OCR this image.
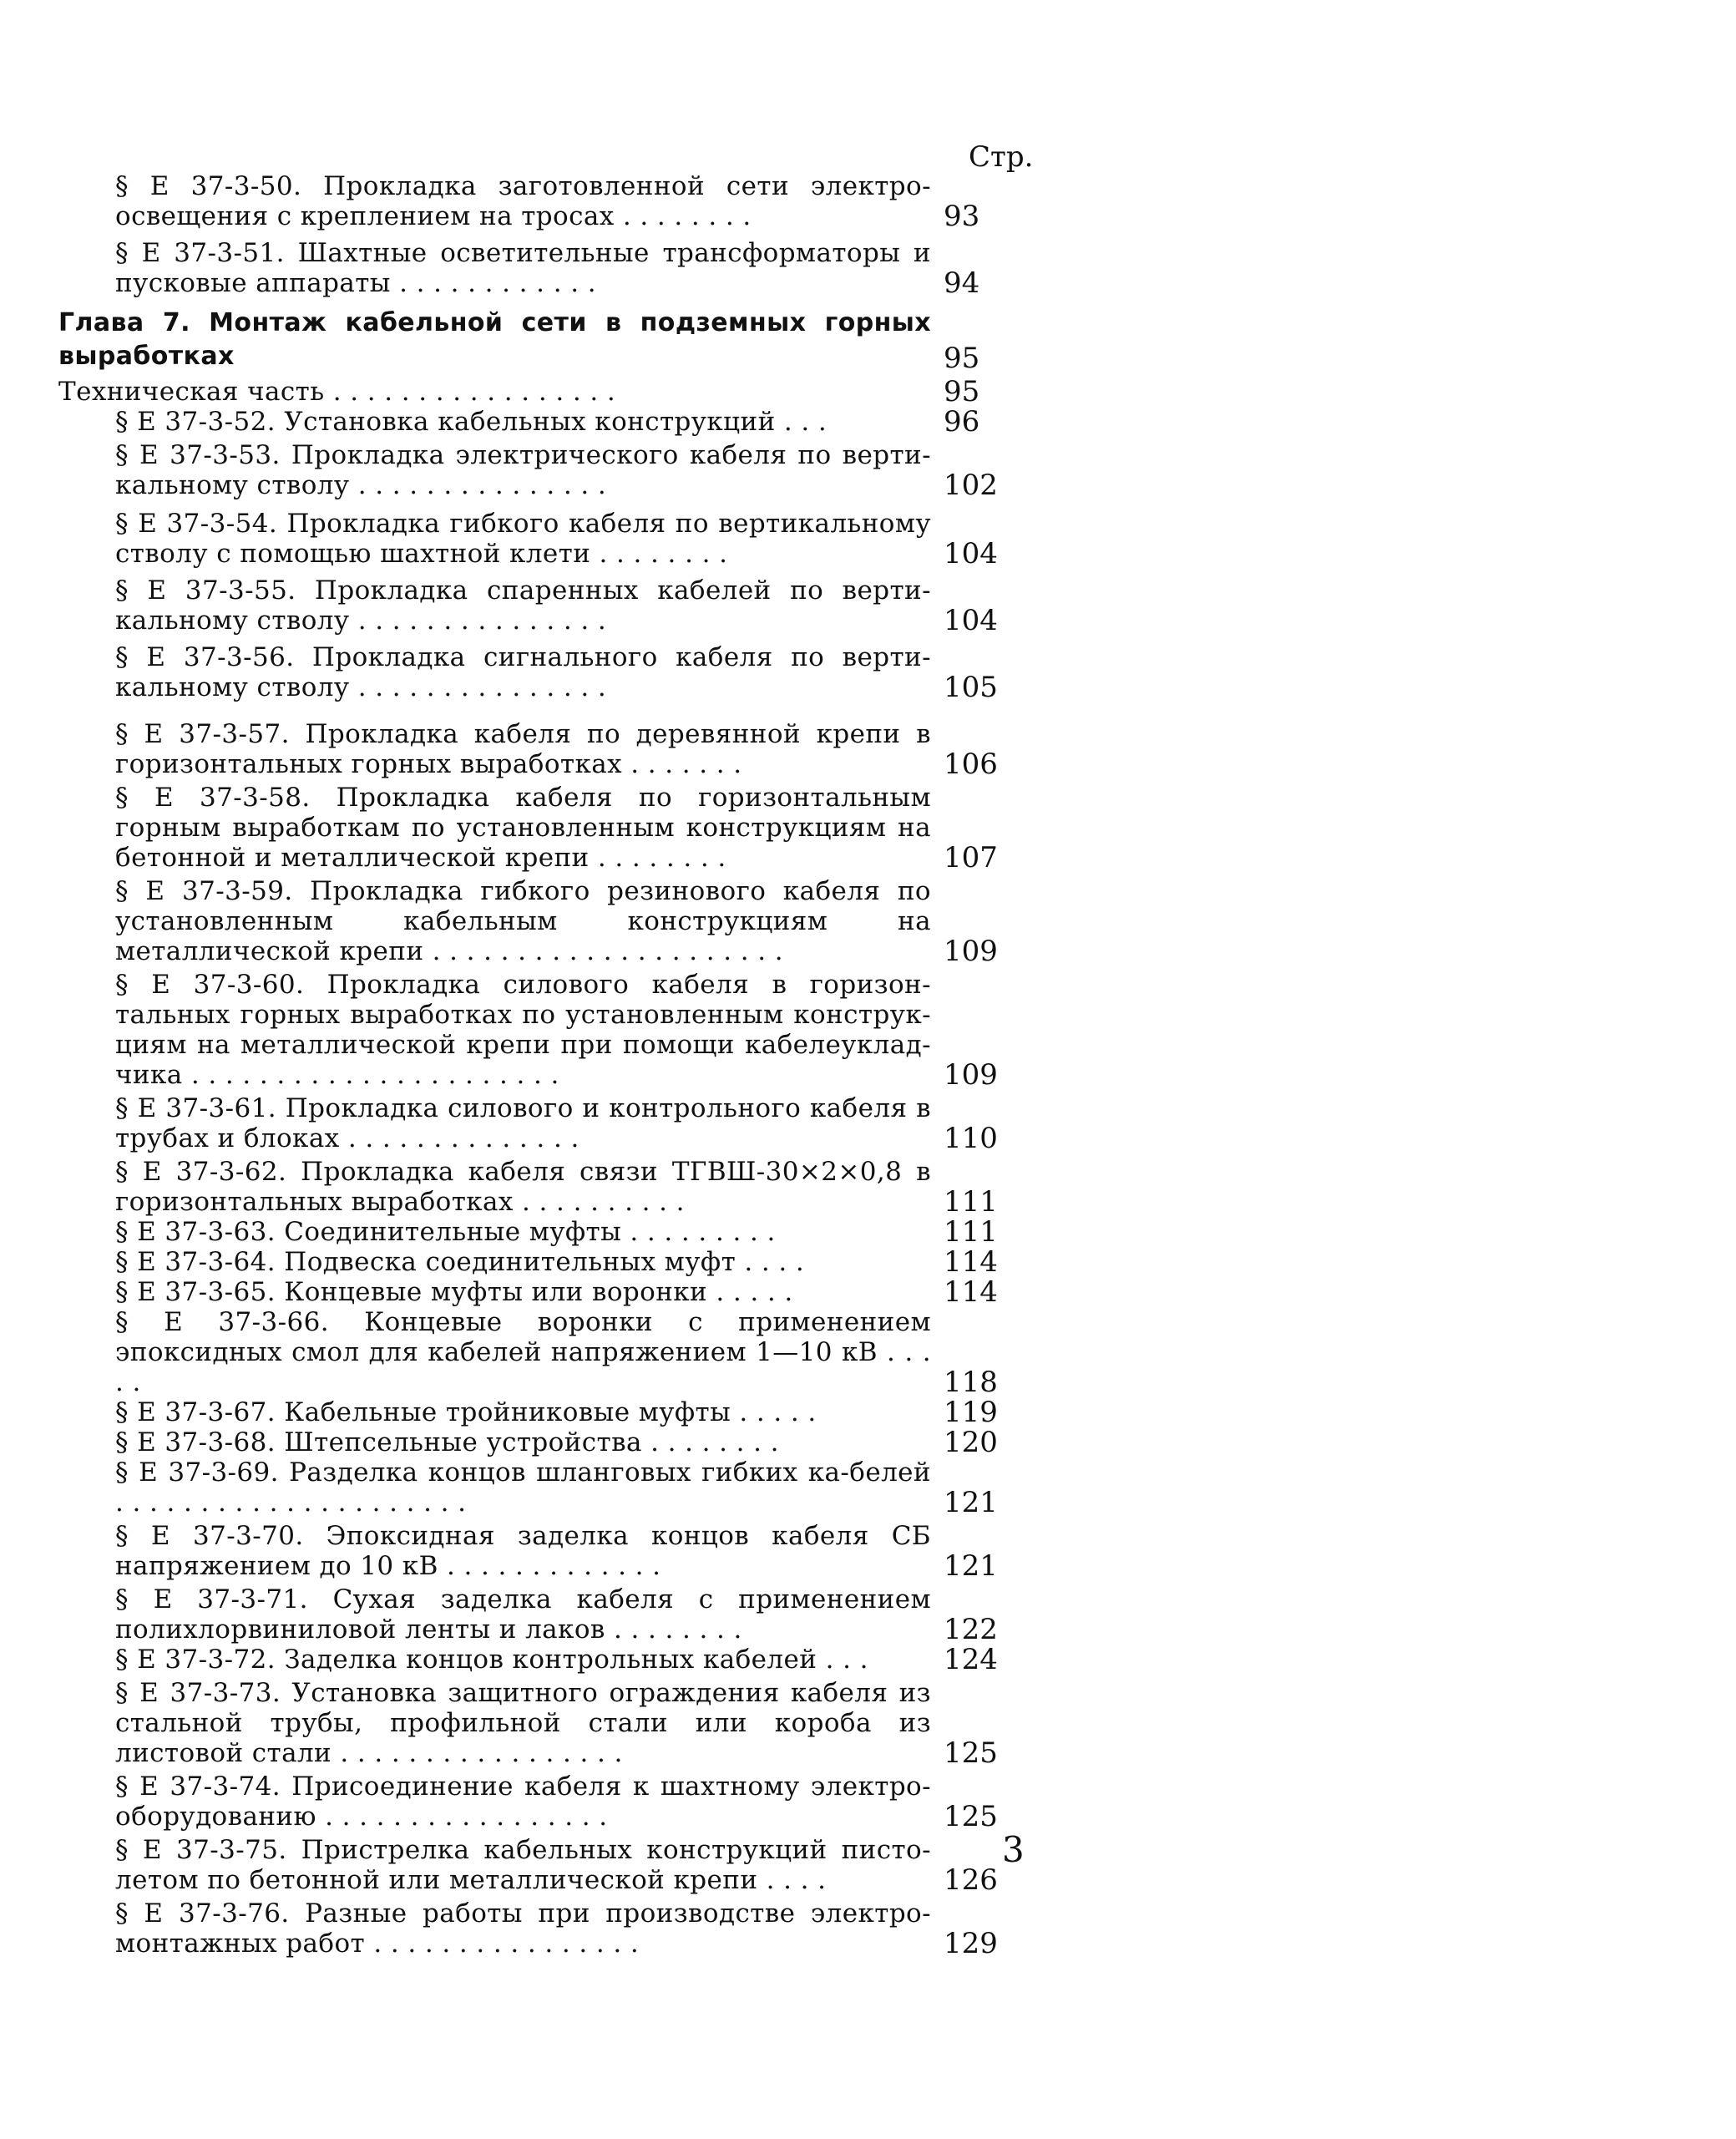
Стр.
§ Е 37-3-50. Прокладка заготовленной сети электро-освещения с креплением на тросах . . . . . . . .	93
§ Е 37-3-51. Шахтные осветительные трансформаторы и пусковые аппараты . . . . . . . . . . . .	94
Глава 7. Монтаж кабельной сети в подземных горных выработках	95
Техническая часть . . . . . . . . . . . . . . . . .	95
§ Е 37-3-52. Установка кабельных конструкций . . .	96
§ Е 37-3-53. Прокладка электрического кабеля по верти-кальному стволу . . . . . . . . . . . . . . .	102
§ Е 37-3-54. Прокладка гибкого кабеля по вертикальному стволу с помощью шахтной клети . . . . . . . .	104
§ Е 37-3-55. Прокладка спаренных кабелей по верти-кальному стволу . . . . . . . . . . . . . . .	104
§ Е 37-3-56. Прокладка сигнального кабеля по верти-кальному стволу . . . . . . . . . . . . . . .	105
§ Е 37-3-57. Прокладка кабеля по деревянной крепи в горизонтальных горных выработках . . . . . . .	106
§ Е 37-3-58. Прокладка кабеля по горизонтальным горным выработкам по установленным конструкциям на бетонной и металлической крепи . . . . . . . .	107
§ Е 37-3-59. Прокладка гибкого резинового кабеля по установленным кабельным конструкциям на металлической крепи . . . . . . . . . . . . . . . . . . . . .	109
§ Е 37-3-60. Прокладка силового кабеля в горизон-тальных горных выработках по установленным конструк-циям на металлической крепи при помощи кабелеуклад-чика . . . . . . . . . . . . . . . . . . . . . .	109
§ Е 37-3-61. Прокладка силового и контрольного кабеля в трубах и блоках . . . . . . . . . . . . . .	110
§ Е 37-3-62. Прокладка кабеля связи ТГВШ-30×2×0,8 в горизонтальных выработках . . . . . . . . . .	111
§ Е 37-3-63. Соединительные муфты . . . . . . . . .	111
§ Е 37-3-64. Подвеска соединительных муфт . . . .	114
§ Е 37-3-65. Концевые муфты или воронки . . . . .	114
§ Е 37-3-66. Концевые воронки с применением эпоксидных смол для кабелей напряжением 1—10 кВ . . . . .	118
§ Е 37-3-67. Кабельные тройниковые муфты . . . . .	119
§ Е 37-3-68. Штепсельные устройства . . . . . . . .	120
§ Е 37-3-69. Разделка концов шланговых гибких ка-белей . . . . . . . . . . . . . . . . . . . . .	121
§ Е 37-3-70. Эпоксидная заделка концов кабеля СБ напряжением до 10 кВ . . . . . . . . . . . . .	121
§ Е 37-3-71. Сухая заделка кабеля с применением полихлорвиниловой ленты и лаков . . . . . . . .	122
§ Е 37-3-72. Заделка концов контрольных кабелей . . .	124
§ Е 37-3-73. Установка защитного ограждения кабеля из стальной трубы, профильной стали или короба из листовой стали . . . . . . . . . . . . . . . . .	125
§ Е 37-3-74. Присоединение кабеля к шахтному электро-оборудованию . . . . . . . . . . . . . . . . .	125
§ Е 37-3-75. Пристрелка кабельных конструкций писто-летом по бетонной или металлической крепи . . . .	126
§ Е 37-3-76. Разные работы при производстве электро-монтажных работ . . . . . . . . . . . . . . . .	129
3
